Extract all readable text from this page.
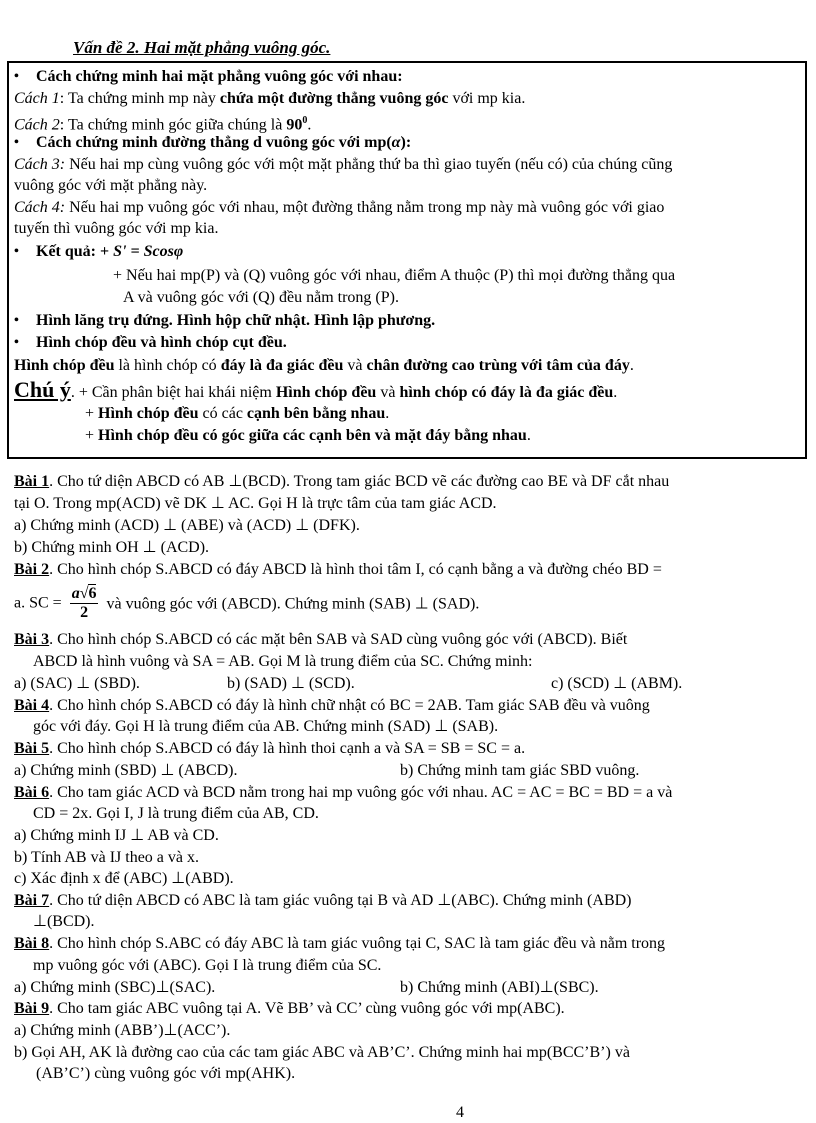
Vấn đề 2. Hai mặt phẳng vuông góc.
•Cách chứng minh hai mặt phẳng vuông góc với nhau:
Cách 1: Ta chứng minh mp này chứa một đường thẳng vuông góc với mp kia.
Cách 2: Ta chứng minh góc giữa chúng là $90^0$.
•Cách chứng minh đường thẳng d vuông góc với mp(α):
Cách 3: Nếu hai mp cùng vuông góc với một mặt phẳng thứ ba thì giao tuyến (nếu có) của chúng cũng
vuông góc với mặt phẳng này.
Cách 4: Nếu hai mp vuông góc với nhau, một đường thẳng nằm trong mp này mà vuông góc với giao
tuyến thì vuông góc với mp kia.
•Kết quả: + S' = Scosφ
+ Nếu hai mp(P) và (Q) vuông góc với nhau, điểm A thuộc (P) thì mọi đường thẳng qua
A và vuông góc với (Q) đều nằm trong (P).
•Hình lăng trụ đứng. Hình hộp chữ nhật. Hình lập phương.
•Hình chóp đều và hình chóp cụt đều.
Hình chóp đều là hình chóp có đáy là đa giác đều và chân đường cao trùng với tâm của đáy.
Chú ý. + Cần phân biệt hai khái niệm Hình chóp đều và hình chóp có đáy là đa giác đều.
+ Hình chóp đều có các cạnh bên bằng nhau.
+ Hình chóp đều có góc giữa các cạnh bên và mặt đáy bằng nhau.
Bài 1. Cho tứ diện ABCD có AB ⊥(BCD). Trong tam giác BCD vẽ các đường cao BE và DF cắt nhau
tại O. Trong mp(ACD) vẽ DK ⊥ AC. Gọi H là trực tâm của tam giác ACD.
a) Chứng minh (ACD) ⊥ (ABE) và (ACD) ⊥ (DFK).
b) Chứng minh OH ⊥ (ACD).
Bài 2. Cho hình chóp S.ABCD có đáy ABCD là hình thoi tâm I, có cạnh bằng a và đường chéo BD =
a. SC = $\frac{a√6}{2}$ và vuông góc với (ABCD). Chứng minh (SAB) ⊥ (SAD).
Bài 3. Cho hình chóp S.ABCD có các mặt bên SAB và SAD cùng vuông góc với (ABCD). Biết
ABCD là hình vuông và SA = AB. Gọi M là trung điểm của SC. Chứng minh:
a) (SAC) ⊥ (SBD).	b) (SAD) ⊥ (SCD).	c) (SCD) ⊥ (ABM).
Bài 4. Cho hình chóp S.ABCD có đáy là hình chữ nhật có BC = 2AB. Tam giác SAB đều và vuông
góc với đáy. Gọi H là trung điểm của AB. Chứng minh (SAD) ⊥ (SAB).
Bài 5. Cho hình chóp S.ABCD có đáy là hình thoi cạnh a và SA = SB = SC = a.
a) Chứng minh (SBD) ⊥ (ABCD).	b) Chứng minh tam giác SBD vuông.
Bài 6. Cho tam giác ACD và BCD nằm trong hai mp vuông góc với nhau. AC = AC = BC = BD = a và
CD = 2x. Gọi I, J là trung điểm của AB, CD.
a) Chứng minh IJ ⊥ AB và CD.
b) Tính AB và IJ theo a và x.
c) Xác định x để (ABC) ⊥(ABD).
Bài 7. Cho tứ diện ABCD có ABC là tam giác vuông tại B và AD ⊥(ABC). Chứng minh (ABD)
⊥(BCD).
Bài 8. Cho hình chóp S.ABC có đáy ABC là tam giác vuông tại C, SAC là tam giác đều và nằm trong
mp vuông góc với (ABC). Gọi I là trung điểm của SC.
a) Chứng minh (SBC)⊥(SAC).	b) Chứng minh (ABI)⊥(SBC).
Bài 9. Cho tam giác ABC vuông tại A. Vẽ BB’ và CC’ cùng vuông góc với mp(ABC).
a) Chứng minh (ABB’)⊥(ACC’).
b) Gọi AH, AK là đường cao của các tam giác ABC và AB’C’. Chứng minh hai mp(BCC’B’) và
(AB’C’) cùng vuông góc với mp(AHK).
4
